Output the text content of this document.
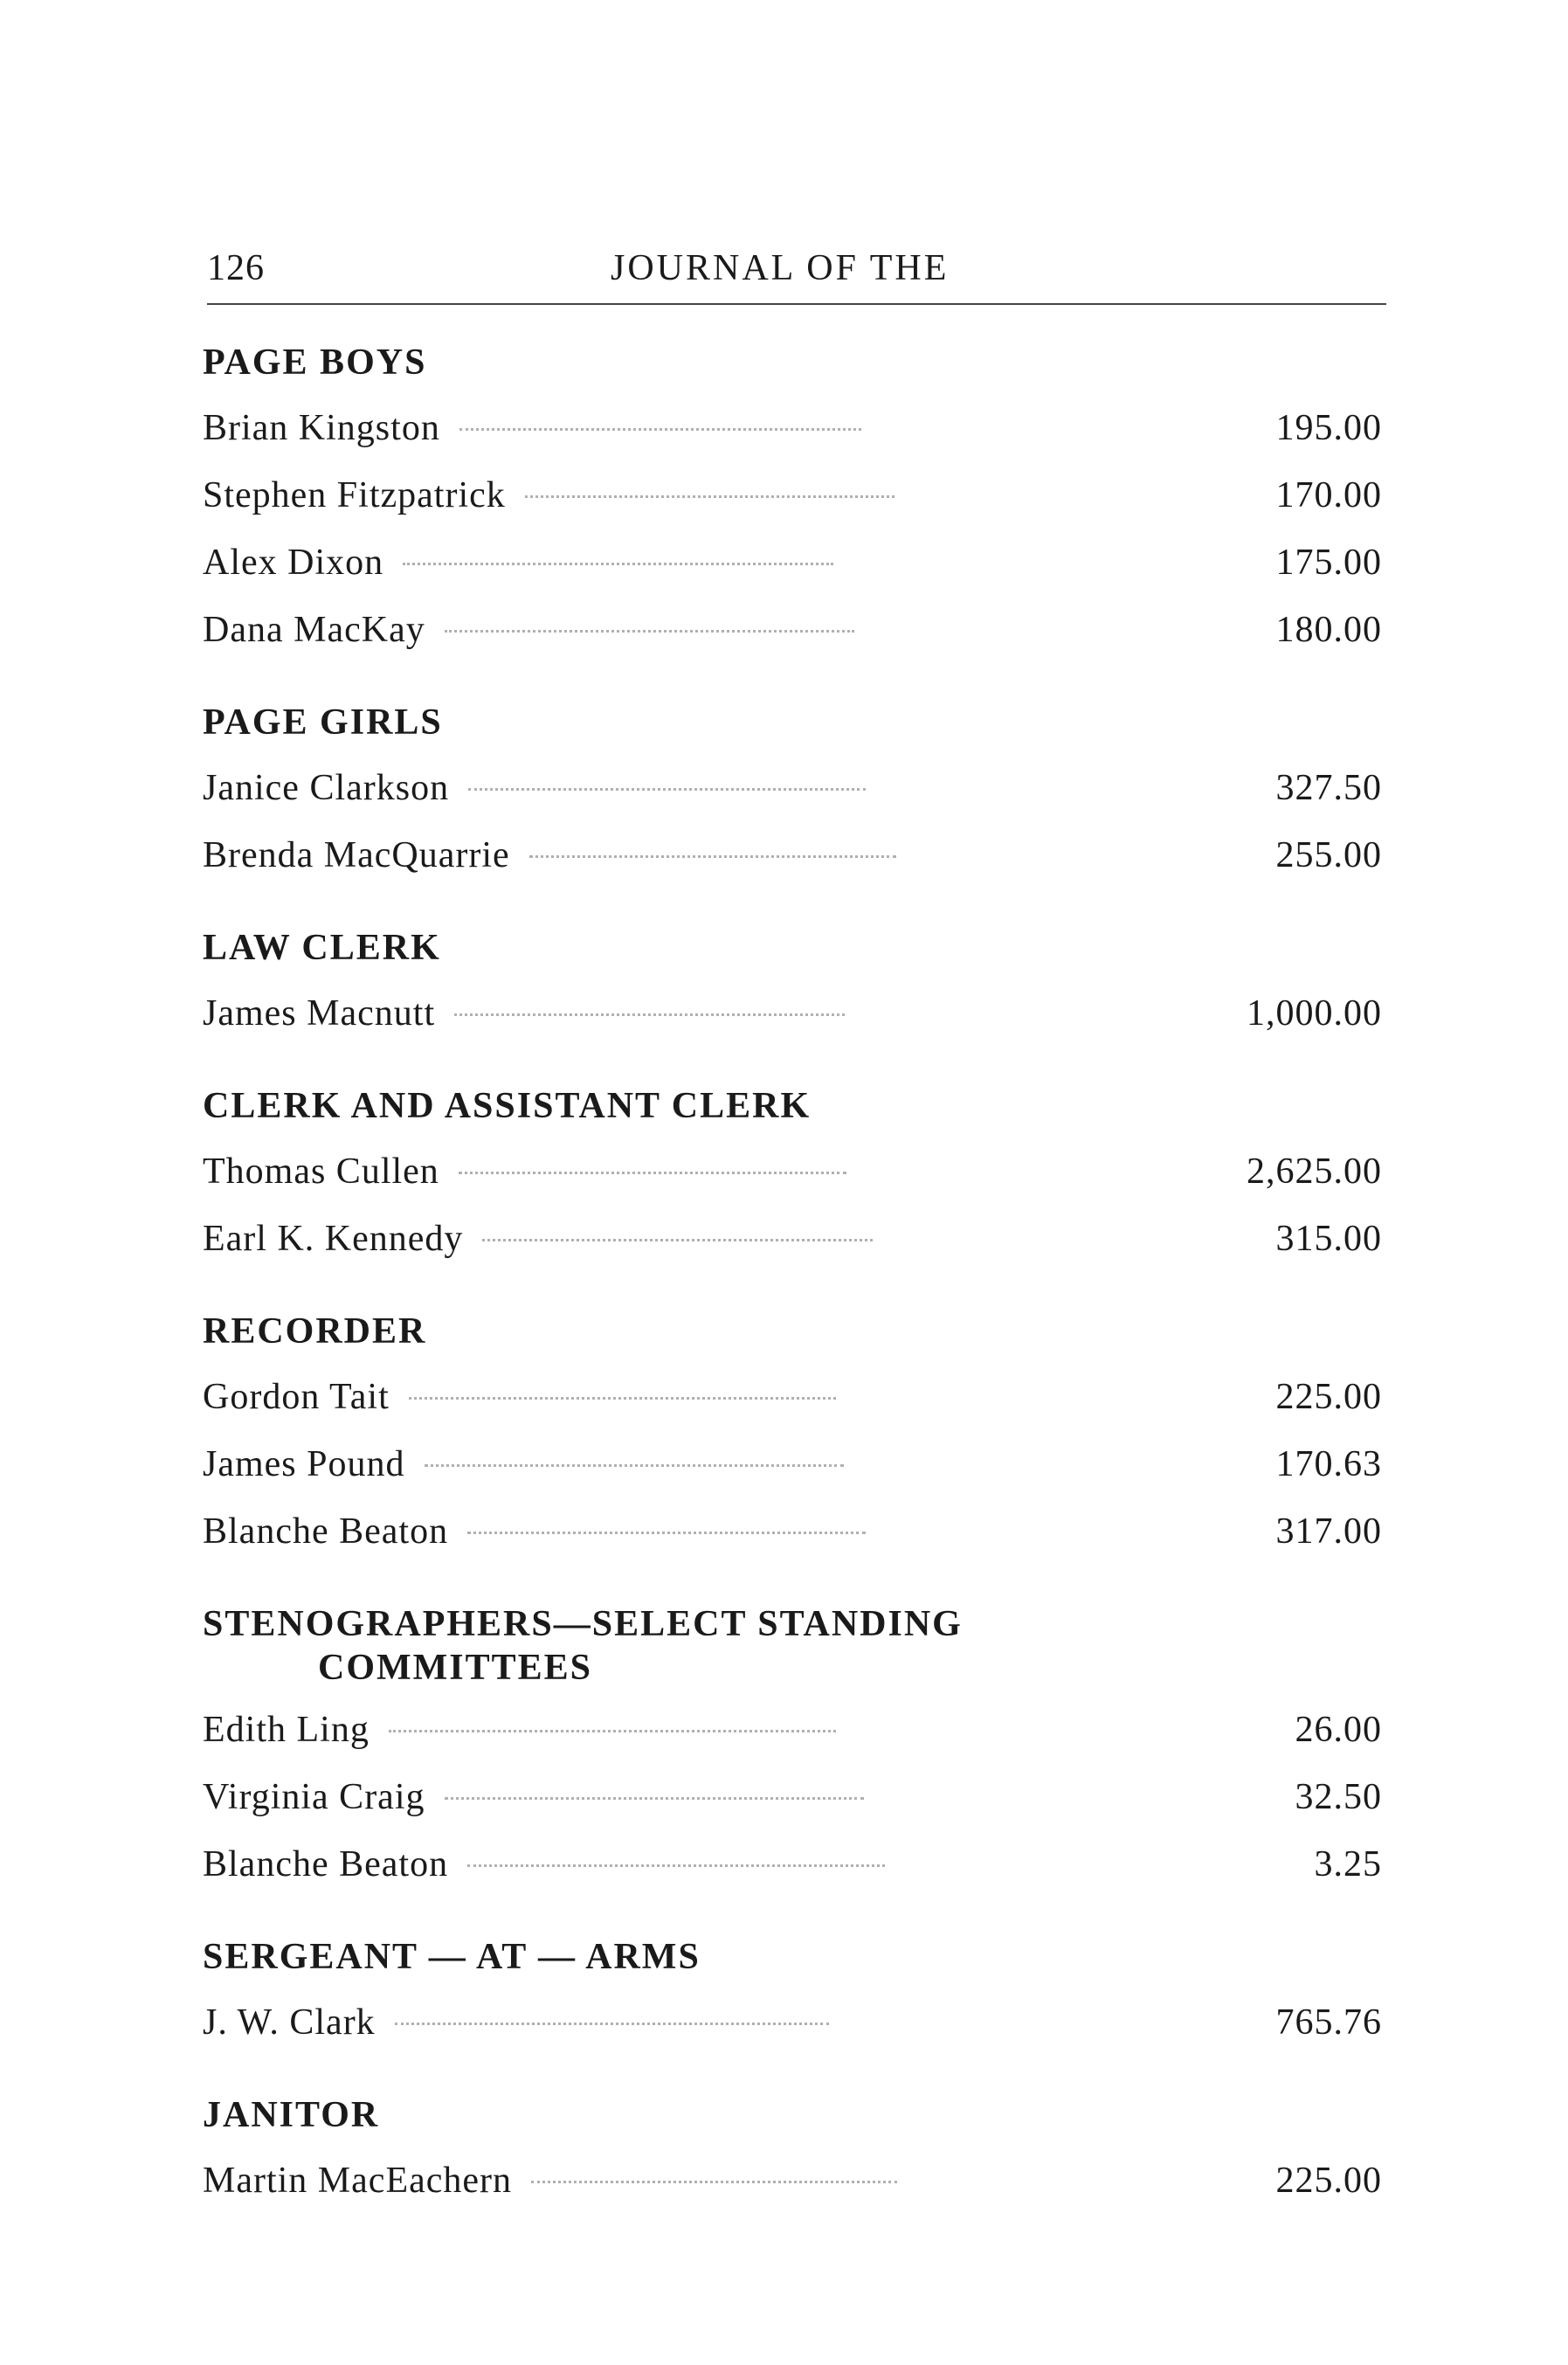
126	JOURNAL OF THE
PAGE BOYS
Brian Kingston	195.00
Stephen Fitzpatrick	170.00
Alex Dixon	175.00
Dana MacKay	180.00
PAGE GIRLS
Janice Clarkson	327.50
Brenda MacQuarrie	255.00
LAW CLERK
James Macnutt	1,000.00
CLERK AND ASSISTANT CLERK
Thomas Cullen	2,625.00
Earl K. Kennedy	315.00
RECORDER
Gordon Tait	225.00
James Pound	170.63
Blanche Beaton	317.00
STENOGRAPHERS—SELECT STANDING
COMMITTEES
Edith Ling	26.00
Virginia Craig	32.50
Blanche Beaton	3.25
SERGEANT — AT — ARMS
J. W. Clark	765.76
JANITOR
Martin MacEachern	225.00
